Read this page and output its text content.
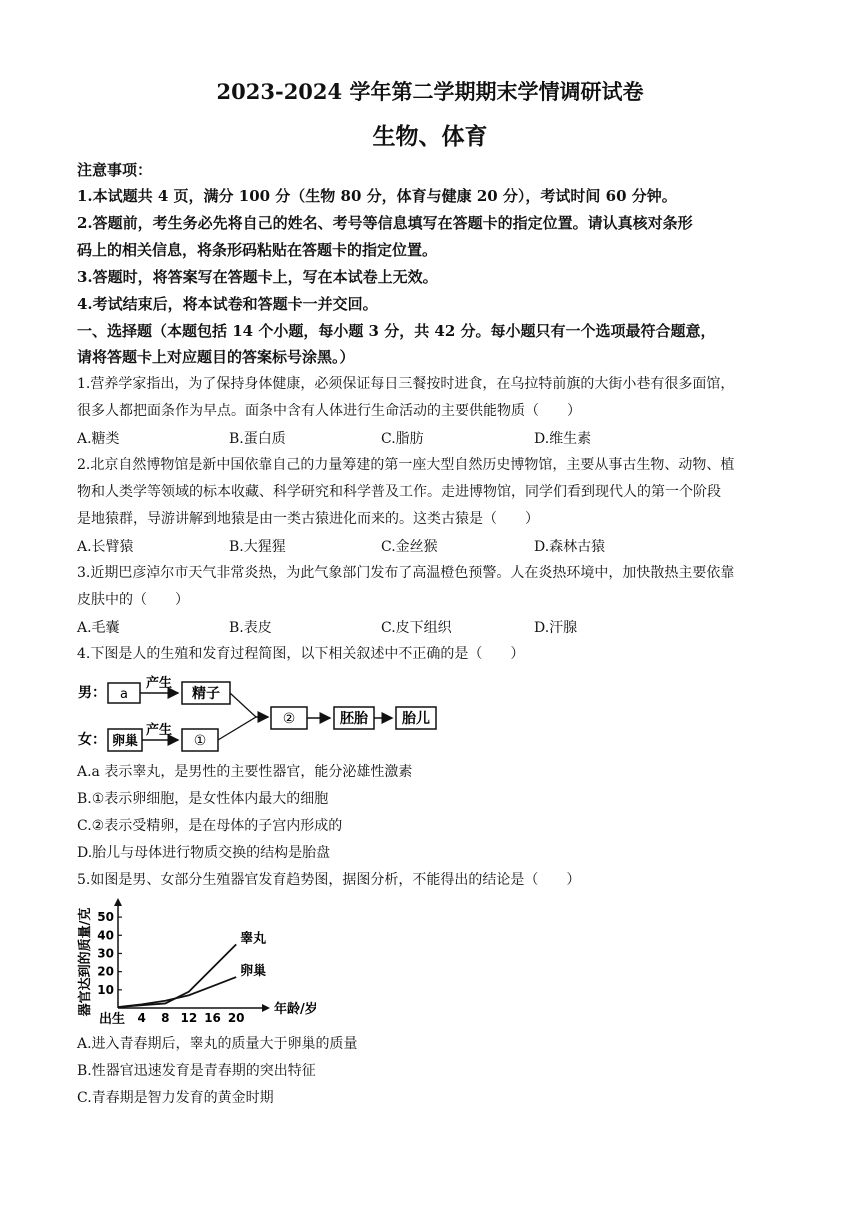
2023-2024 学年第二学期期末学情调研试卷
生物、体育
注意事项：
1.本试题共 4 页，满分 100 分（生物 80 分，体育与健康 20 分），考试时间 60 分钟。
2.答题前，考生务必先将自己的姓名、考号等信息填写在答题卡的指定位置。请认真核对条形
码上的相关信息，将条形码粘贴在答题卡的指定位置。
3.答题时，将答案写在答题卡上，写在本试卷上无效。
4.考试结束后，将本试卷和答题卡一并交回。
一、选择题（本题包括 14 个小题，每小题 3 分，共 42 分。每小题只有一个选项最符合题意，
请将答题卡上对应题目的答案标号涂黑。）
1.营养学家指出，为了保持身体健康，必须保证每日三餐按时进食，在乌拉特前旗的大街小巷有很多面馆，
很多人都把面条作为早点。面条中含有人体进行生命活动的主要供能物质（　　）
A.糖类	B.蛋白质	C.脂肪	D.维生素
2.北京自然博物馆是新中国依靠自己的力量筹建的第一座大型自然历史博物馆，主要从事古生物、动物、植
物和人类学等领域的标本收藏、科学研究和科学普及工作。走进博物馆，同学们看到现代人的第一个阶段
是地猿群，导游讲解到地猿是由一类古猿进化而来的。这类古猿是（　　）
A.长臂猿	B.大猩猩	C.金丝猴	D.森林古猿
3.近期巴彦淖尔市天气非常炎热，为此气象部门发布了高温橙色预警。人在炎热环境中，加快散热主要依靠
皮肤中的（　　）
A.毛囊	B.表皮	C.皮下组织	D.汗腺
4.下图是人的生殖和发育过程简图，以下相关叙述中不正确的是（　　）
男：
女：
a
产生
精子
卵巢
产生
①
②	胚胎 胎儿
A.a 表示睾丸，是男性的主要性器官，能分泌雄性激素
B.①表示卵细胞，是女性体内最大的细胞
C.②表示受精卵，是在母体的子宫内形成的
D.胎儿与母体进行物质交换的结构是胎盘
5.如图是男、女部分生殖器官发育趋势图，据图分析，不能得出的结论是（　　）
器官达到的质量/克 10
20
30
40
50
4 8 12 16 20
睾丸
卵巢
出生
年龄/岁
A.进入青春期后，睾丸的质量大于卵巢的质量
B.性器官迅速发育是青春期的突出特征
C.青春期是智力发育的黄金时期
